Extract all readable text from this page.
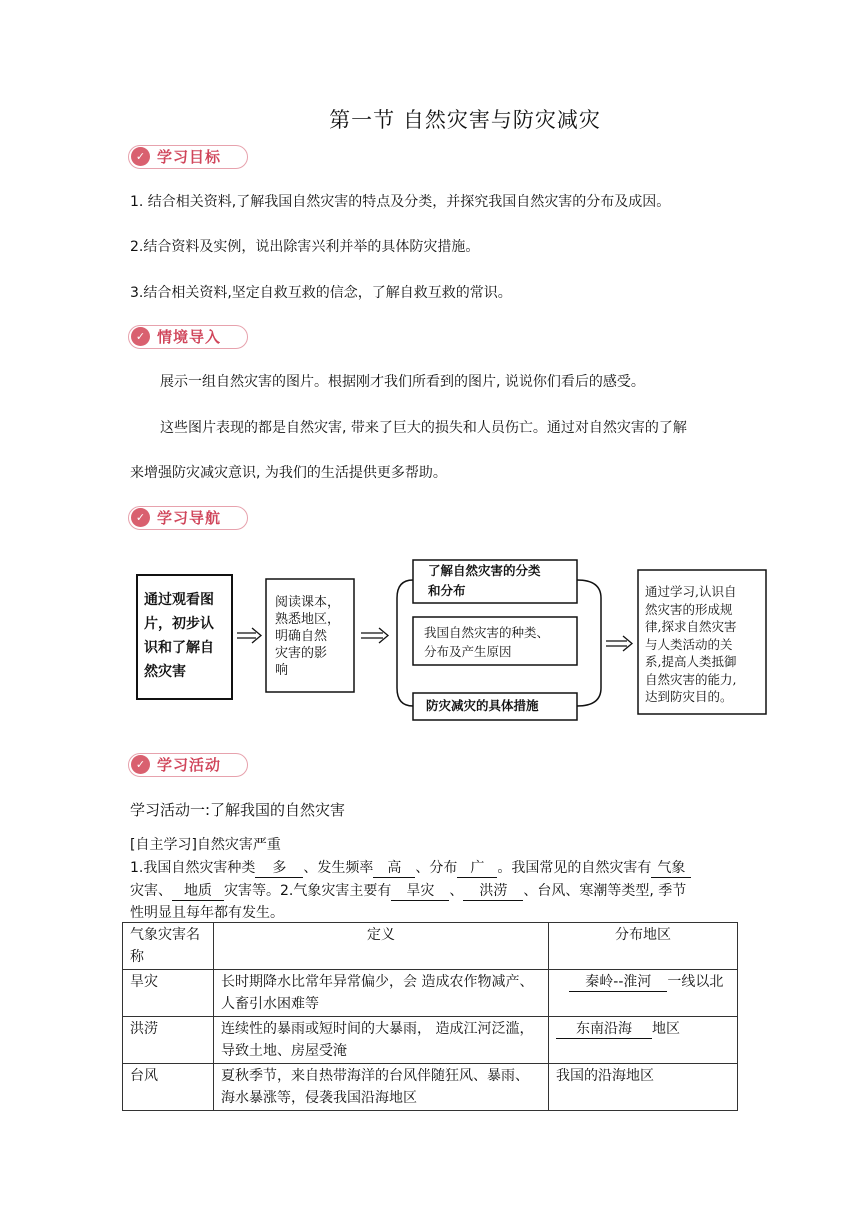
第一节 自然灾害与防灾减灾
✓ 学习目标
1. 结合相关资料,了解我国自然灾害的特点及分类，并探究我国自然灾害的分布及成因。
2.结合资料及实例，说出除害兴利并举的具体防灾措施。
3.结合相关资料,坚定自救互救的信念，了解自救互救的常识。
✓ 情境导入
展示一组自然灾害的图片。根据刚才我们所看到的图片, 说说你们看后的感受。
这些图片表现的都是自然灾害, 带来了巨大的损失和人员伤亡。通过对自然灾害的了解
来增强防灾减灾意识, 为我们的生活提供更多帮助。
✓ 学习导航
通过观看图
片，初步认
识和了解自
然灾害
阅读课本，
熟悉地区，
明确自然
灾害的影
响
了解自然灾害的分类
和分布
我国自然灾害的种类、
分布及产生原因
防灾减灾的具体措施
通过学习,认识自
然灾害的形成规
律,探求自然灾害
与人类活动的关
系,提高人类抵御
自然灾害的能力,
达到防灾目的。
✓ 学习活动
学习活动一:了解我国的自然灾害
[自主学习]自然灾害严重
1.我国自然灾害种类 多 、发生频率 高 、分布 广 。我国常见的自然灾害有 气象
灾害、 地质 灾害等。2.气象灾害主要有 旱灾 、 洪涝 、台风、寒潮等类型, 季节
性明显且每年都有发生。
气象灾害名称	定义	分布地区
旱灾	长时期降水比常年异常偏少，会 造成农作物减产、人畜引水困难等	秦岭--淮河 一线以北
洪涝	连续性的暴雨或短时间的大暴雨， 造成江河泛滥，导致土地、房屋受淹	东南沿海 地区
台风	夏秋季节，来自热带海洋的台风伴随狂风、暴雨、海水暴涨等，侵袭我国沿海地区	我国的沿海地区
